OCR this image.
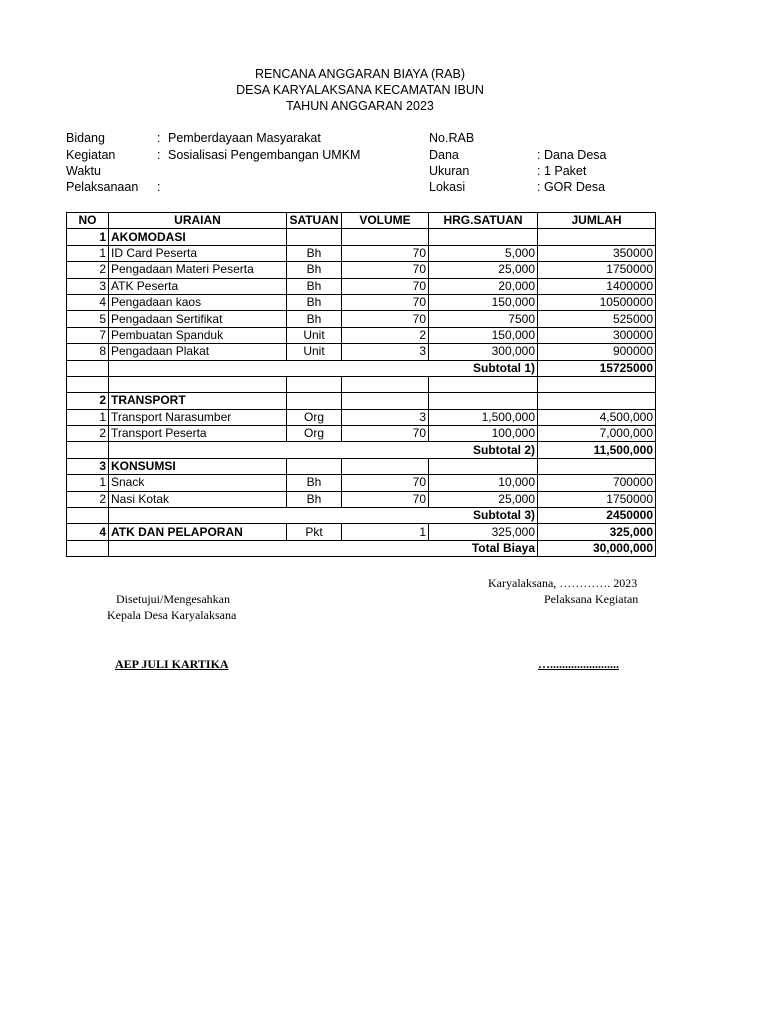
RENCANA ANGGARAN BIAYA (RAB)
DESA KARYALAKSANA KECAMATAN IBUN
TAHUN ANGGARAN 2023
Bidang	: Pemberdayaan Masyarakat
Kegiatan	: Sosialisasi Pengembangan UMKM
Waktu
Pelaksanaan :
No.RAB
Dana	: Dana Desa
Ukuran	: 1 Paket
Lokasi	: GOR Desa
NO	URAIAN	SATUAN	VOLUME	HRG.SATUAN	JUMLAH
1	AKOMODASI				
1	ID Card Peserta	Bh	70	5,000	350000
2	Pengadaan Materi Peserta	Bh	70	25,000	1750000
3	ATK Peserta	Bh	70	20,000	1400000
4	Pengadaan kaos	Bh	70	150,000	10500000
5	Pengadaan Sertifikat	Bh	70	7500	525000
7	Pembuatan Spanduk	Unit	2	150,000	300000
8	Pengadaan Plakat	Unit	3	300,000	900000
	Subtotal 1)				15725000

2	TRANSPORT				
1	Transport Narasumber	Org	3	1,500,000	4,500,000
2	Transport Peserta	Org	70	100,000	7,000,000
	Subtotal 2)				11,500,000
3	KONSUMSI				
1	Snack	Bh	70	10,000	700000
2	Nasi Kotak	Bh	70	25,000	1750000
	Subtotal 3)				2450000
4	ATK DAN PELAPORAN	Pkt	1	325,000	325,000
	Total Biaya				30,000,000
Karyalaksana, …………. 2023
Disetujui/Mengesahkan
Kepala Desa Karyalaksana
Pelaksana Kegiatan
AEP JULI KARTIKA	….......................
